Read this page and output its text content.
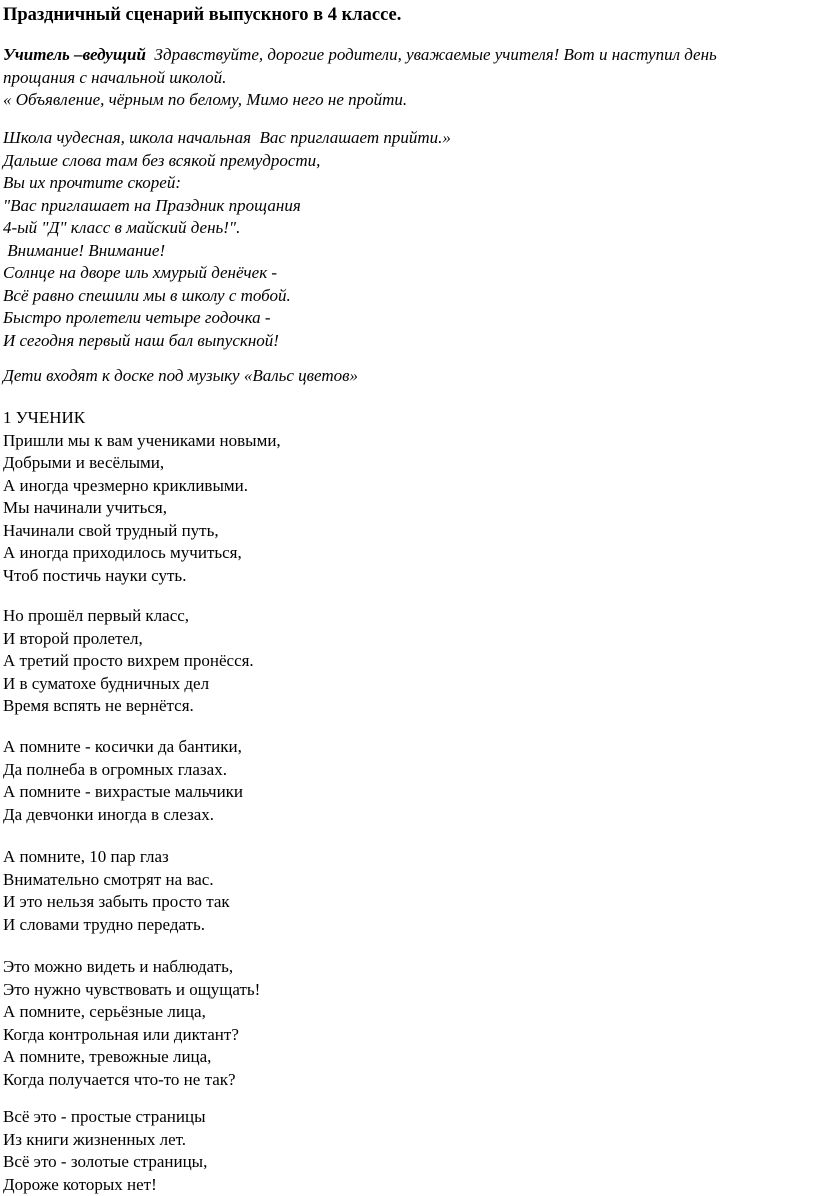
Праздничный сценарий выпускного в 4 классе.
Учитель –ведущий  Здравствуйте, дорогие родители, уважаемые учителя! Вот и наступил день
прощания с начальной школой.
« Объявление, чёрным по белому, Мимо него не пройти.
Школа чудесная, школа начальная  Вас приглашает прийти.»
Дальше слова там без всякой премудрости,
Вы их прочтите скорей:
"Вас приглашает на Праздник прощания
4-ый "Д" класс в майский день!".
Внимание! Внимание!
Солнце на дворе иль хмурый денёчек -
Всё равно спешили мы в школу с тобой.
Быстро пролетели четыре годочка -
И сегодня первый наш бал выпускной!
Дети входят к доске под музыку «Вальс цветов»
1 УЧЕНИК
Пришли мы к вам учениками новыми,
Добрыми и весёлыми,
А иногда чрезмерно крикливыми.
Мы начинали учиться,
Начинали свой трудный путь,
А иногда приходилось мучиться,
Чтоб постичь науки суть.
Но прошёл первый класс,
И второй пролетел,
А третий просто вихрем пронёсся.
И в суматохе будничных дел
Время вспять не вернётся.
А помните - косички да бантики,
Да полнеба в огромных глазах.
А помните - вихрастые мальчики
Да девчонки иногда в слезах.
А помните, 10 пар глаз
Внимательно смотрят на вас.
И это нельзя забыть просто так
И словами трудно передать.
Это можно видеть и наблюдать,
Это нужно чувствовать и ощущать!
А помните, серьёзные лица,
Когда контрольная или диктант?
А помните, тревожные лица,
Когда получается что-то не так?
Всё это - простые страницы
Из книги жизненных лет.
Всё это - золотые страницы,
Дороже которых нет!
